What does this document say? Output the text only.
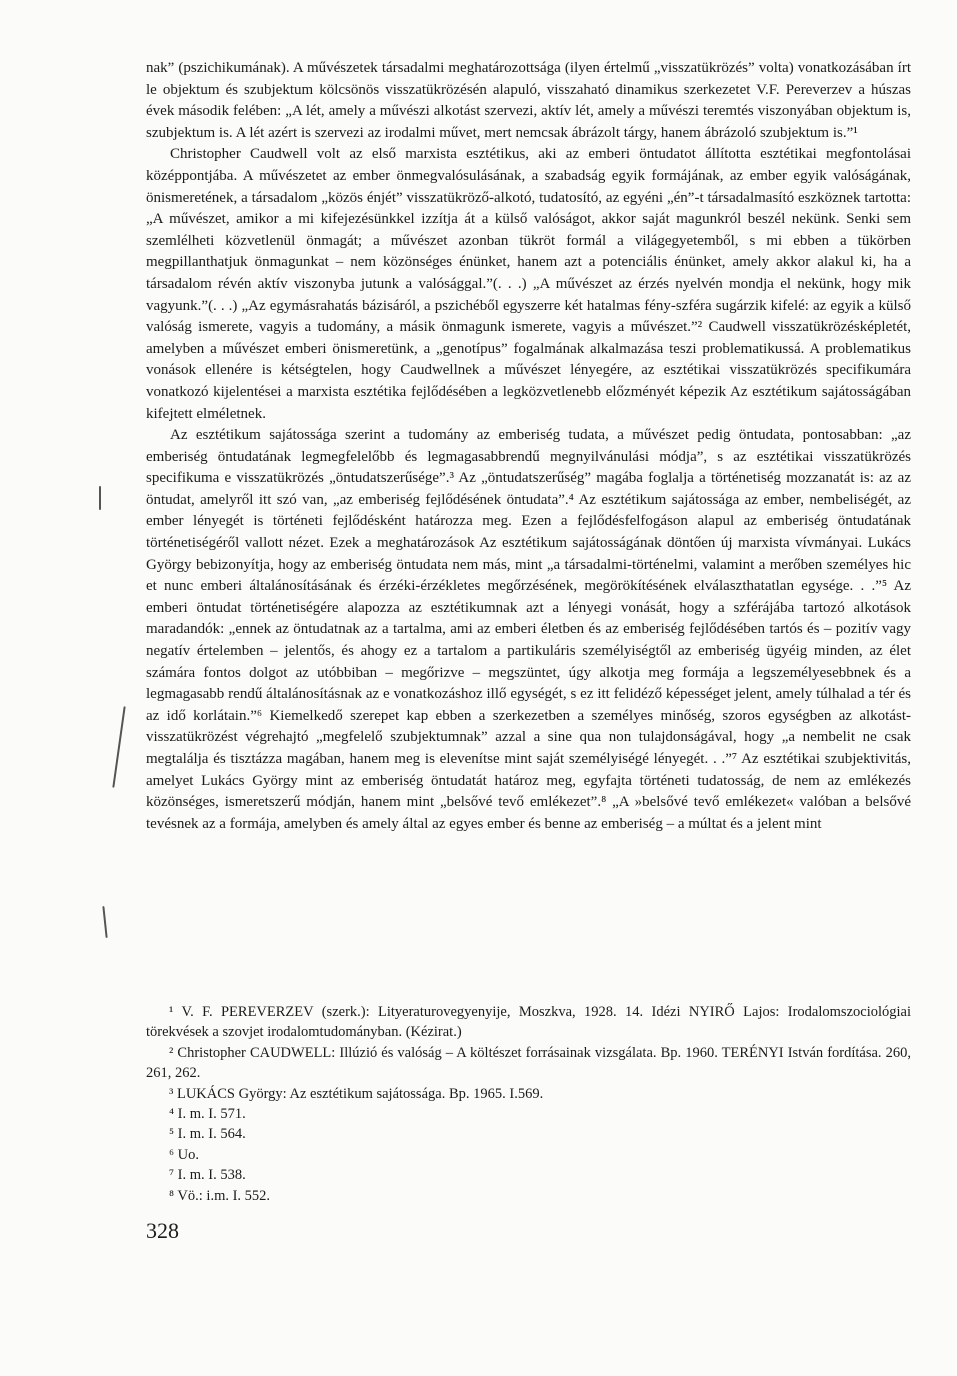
nak” (pszichikumának). A művészetek társadalmi meghatározottsága (ilyen értelmű „visszatükrözés” volta) vonatkozásában írt le objektum és szubjektum kölcsönös visszatükrözésén alapuló, visszaható dinamikus szerkezetet V.F. Pereverzev a húszas évek második felében: „A lét, amely a művészi alkotást szervezi, aktív lét, amely a művészi teremtés viszonyában objektum is, szubjektum is. A lét azért is szervezi az irodalmi művet, mert nemcsak ábrázolt tárgy, hanem ábrázoló szubjektum is.”¹

Christopher Caudwell volt az első marxista esztétikus, aki az emberi öntudatot állította esztétikai megfontolásai középpontjába. A művészetet az ember önmegvalósulásának, a szabadság egyik formájának, az ember egyik valóságának, önismeretének, a társadalom „közös énjét” visszatükröző-alkotó, tudatosító, az egyéni „én”-t társadalmasító eszköznek tartotta: „A művészet, amikor a mi kifejezésünkkel izzítja át a külső valóságot, akkor saját magunkról beszél nekünk. Senki sem szemlélheti közvetlenül önmagát; a művészet azonban tükröt formál a világegyetemből, s mi ebben a tükörben megpillanthatjuk önmagunkat – nem közönséges énünket, hanem azt a potenciális énünket, amely akkor alakul ki, ha a társadalom révén aktív viszonyba jutunk a valósággal.”(. . .) „A művészet az érzés nyelvén mondja el nekünk, hogy mik vagyunk.”(. . .) „Az egymásrahatás bázisáról, a pszichéből egyszerre két hatalmas fény-szféra sugárzik kifelé: az egyik a külső valóság ismerete, vagyis a tudomány, a másik önmagunk ismerete, vagyis a művészet.”² Caudwell visszatükrözésképletét, amelyben a művészet emberi önismeretünk, a „genotípus” fogalmának alkalmazása teszi problematikussá. A problematikus vonások ellenére is kétségtelen, hogy Caudwellnek a művészet lényegére, az esztétikai visszatükrözés specifikumára vonatkozó kijelentései a marxista esztétika fejlődésében a legközvetlenebb előzményét képezik Az esztétikum sajátosságában kifejtett elméletnek.

Az esztétikum sajátossága szerint a tudomány az emberiség tudata, a művészet pedig öntudata, pontosabban: „az emberiség öntudatának legmegfelelőbb és legmagasabbrendű megnyilvánulási módja”, s az esztétikai visszatükrözés specifikuma e visszatükrözés „öntudatszerűsége”.³ Az „öntudatszerűség” magába foglalja a történetiség mozzanatát is: az az öntudat, amelyről itt szó van, „az emberiség fejlődésének öntudata”.⁴ Az esztétikum sajátossága az ember, nembeliségét, az ember lényegét is történeti fejlődésként határozza meg. Ezen a fejlődésfelfogáson alapul az emberiség öntudatának történetiségéről vallott nézet. Ezek a meghatározások Az esztétikum sajátosságának döntően új marxista vívmányai. Lukács György bebizonyítja, hogy az emberiség öntudata nem más, mint „a társadalmi-történelmi, valamint a merőben személyes hic et nunc emberi általánosításának és érzéki-érzékletes megőrzésének, megörökítésének elválaszthatatlan egysége. . .”⁵ Az emberi öntudat történetiségére alapozza az esztétikumnak azt a lényegi vonását, hogy a szférájába tartozó alkotások maradandók: „ennek az öntudatnak az a tartalma, ami az emberi életben és az emberiség fejlődésében tartós és – pozitív vagy negatív értelemben – jelentős, és ahogy ez a tartalom a partikuláris személyiségtől az emberiség ügyéig minden, az élet számára fontos dolgot az utóbbiban – megőrizve – megszüntet, úgy alkotja meg formája a legszemélyesebbnek és a legmagasabb rendű általánosításnak az e vonatkozáshoz illő egységét, s ez itt felidéző képességet jelent, amely túlhalad a tér és az idő korlátain.”⁶ Kiemelkedő szerepet kap ebben a szerkezetben a személyes minőség, szoros egységben az alkotást-visszatükrözést végrehajtó „megfelelő szubjektumnak” azzal a sine qua non tulajdonságával, hogy „a nembelit ne csak megtalálja és tisztázza magában, hanem meg is elevenítse mint saját személyiségé lényegét. . .”⁷ Az esztétikai szubjektivitás, amelyet Lukács György mint az emberiség öntudatát határoz meg, egyfajta történeti tudatosság, de nem az emlékezés közönséges, ismeretszerű módján, hanem mint „belsővé tevő emlékezet”.⁸ „A »belsővé tevő emlékezet« valóban a belsővé tevésnek az a formája, amelyben és amely által az egyes ember és benne az emberiség – a múltat és a jelent mint

¹ V. F. PEREVERZEV (szerk.): Lityeraturovegyenyije, Moszkva, 1928. 14. Idézi NYIRŐ Lajos: Irodalomszociológiai törekvések a szovjet irodalomtudományban. (Kézirat.)

² Christopher CAUDWELL: Illúzió és valóság – A költészet forrásainak vizsgálata. Bp. 1960. TERÉNYI István fordítása. 260, 261, 262.

³ LUKÁCS György: Az esztétikum sajátossága. Bp. 1965. I.569.

⁴ I. m. I. 571.

⁵ I. m. I. 564.

⁶ Uo.

⁷ I. m. I. 538.

⁸ Vö.: i.m. I. 552.

328
